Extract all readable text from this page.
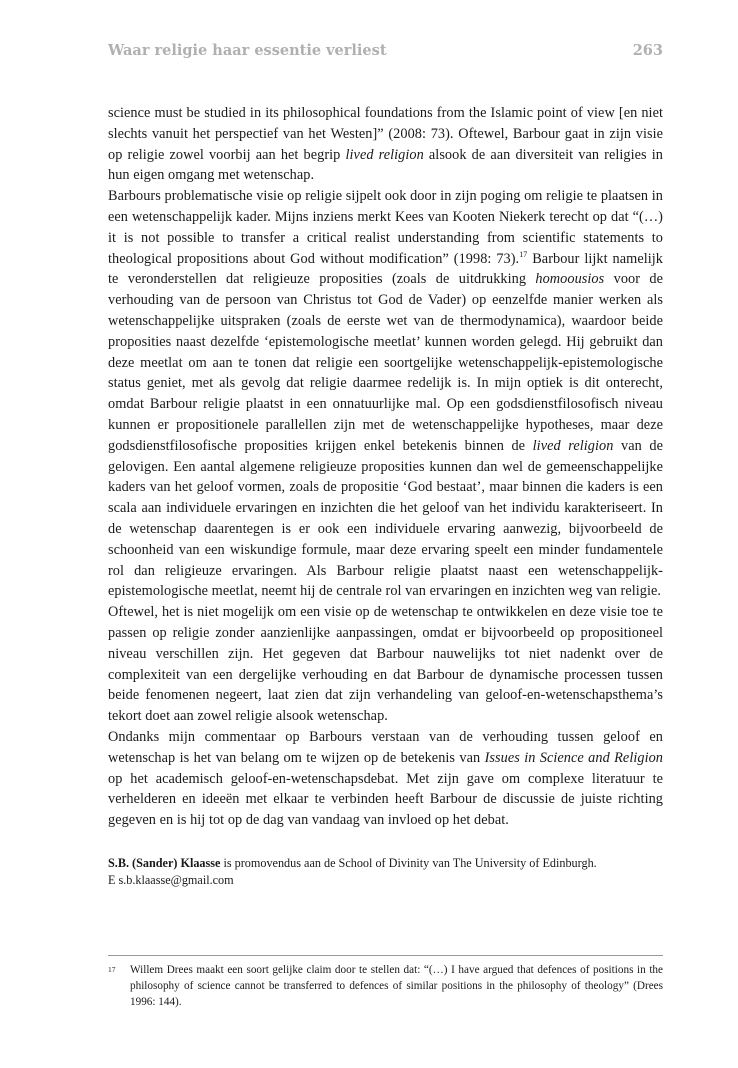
Waar religie haar essentie verliest	263

science must be studied in its philosophical foundations from the Islamic point of view [en niet slechts vanuit het perspectief van het Westen]” (2008: 73). Oftewel, Barbour gaat in zijn visie op religie zowel voorbij aan het begrip lived religion alsook de aan diversiteit van religies in hun eigen omgang met wetenschap.

Barbours problematische visie op religie sijpelt ook door in zijn poging om religie te plaatsen in een wetenschappelijk kader. Mijns inziens merkt Kees van Kooten Niekerk terecht op dat “(…) it is not possible to transfer a critical realist understanding from scientific statements to theological propositions about God without modification” (1998: 73).$^{17}$ Barbour lijkt namelijk te veronderstellen dat religieuze proposities (zoals de uitdrukking homoousios voor de verhouding van de persoon van Christus tot God de Vader) op eenzelfde manier werken als wetenschappelijke uitspraken (zoals de eerste wet van de thermodynamica), waardoor beide proposities naast dezelfde ‘epistemologische meetlat’ kunnen worden gelegd. Hij gebruikt dan deze meetlat om aan te tonen dat religie een soortgelijke wetenschappelijk-epistemologische status geniet, met als gevolg dat religie daarmee redelijk is. In mijn optiek is dit onterecht, omdat Barbour religie plaatst in een onnatuurlijke mal. Op een godsdienstfilosofisch niveau kunnen er propositionele parallellen zijn met de wetenschappelijke hypotheses, maar deze godsdienstfilosofische proposities krijgen enkel betekenis binnen de lived religion van de gelovigen. Een aantal algemene religieuze proposities kunnen dan wel de gemeenschappelijke kaders van het geloof vormen, zoals de propositie ‘God bestaat’, maar binnen die kaders is een scala aan individuele ervaringen en inzichten die het geloof van het individu karakteriseert. In de wetenschap daarentegen is er ook een individuele ervaring aanwezig, bijvoorbeeld de schoonheid van een wiskundige formule, maar deze ervaring speelt een minder fundamentele rol dan religieuze ervaringen. Als Barbour religie plaatst naast een wetenschappelijk-epistemologische meetlat, neemt hij de centrale rol van ervaringen en inzichten weg van religie.

Oftewel, het is niet mogelijk om een visie op de wetenschap te ontwikkelen en deze visie toe te passen op religie zonder aanzienlijke aanpassingen, omdat er bijvoorbeeld op propositioneel niveau verschillen zijn. Het gegeven dat Barbour nauwelijks tot niet nadenkt over de complexiteit van een dergelijke verhouding en dat Barbour de dynamische processen tussen beide fenomenen negeert, laat zien dat zijn verhandeling van geloof-en-wetenschapsthema’s tekort doet aan zowel religie alsook wetenschap.

Ondanks mijn commentaar op Barbours verstaan van de verhouding tussen geloof en wetenschap is het van belang om te wijzen op de betekenis van Issues in Science and Religion op het academisch geloof-en-wetenschapsdebat. Met zijn gave om complexe literatuur te verhelderen en ideeën met elkaar te verbinden heeft Barbour de discussie de juiste richting gegeven en is hij tot op de dag van vandaag van invloed op het debat.

S.B. (Sander) Klaasse is promovendus aan de School of Divinity van The University of Edinburgh.
E s.b.klaasse@gmail.com
17 Willem Drees maakt een soort gelijke claim door te stellen dat: “(…) I have argued that defences of positions in the philosophy of science cannot be transferred to defences of similar positions in the philosophy of theology” (Drees 1996: 144).
